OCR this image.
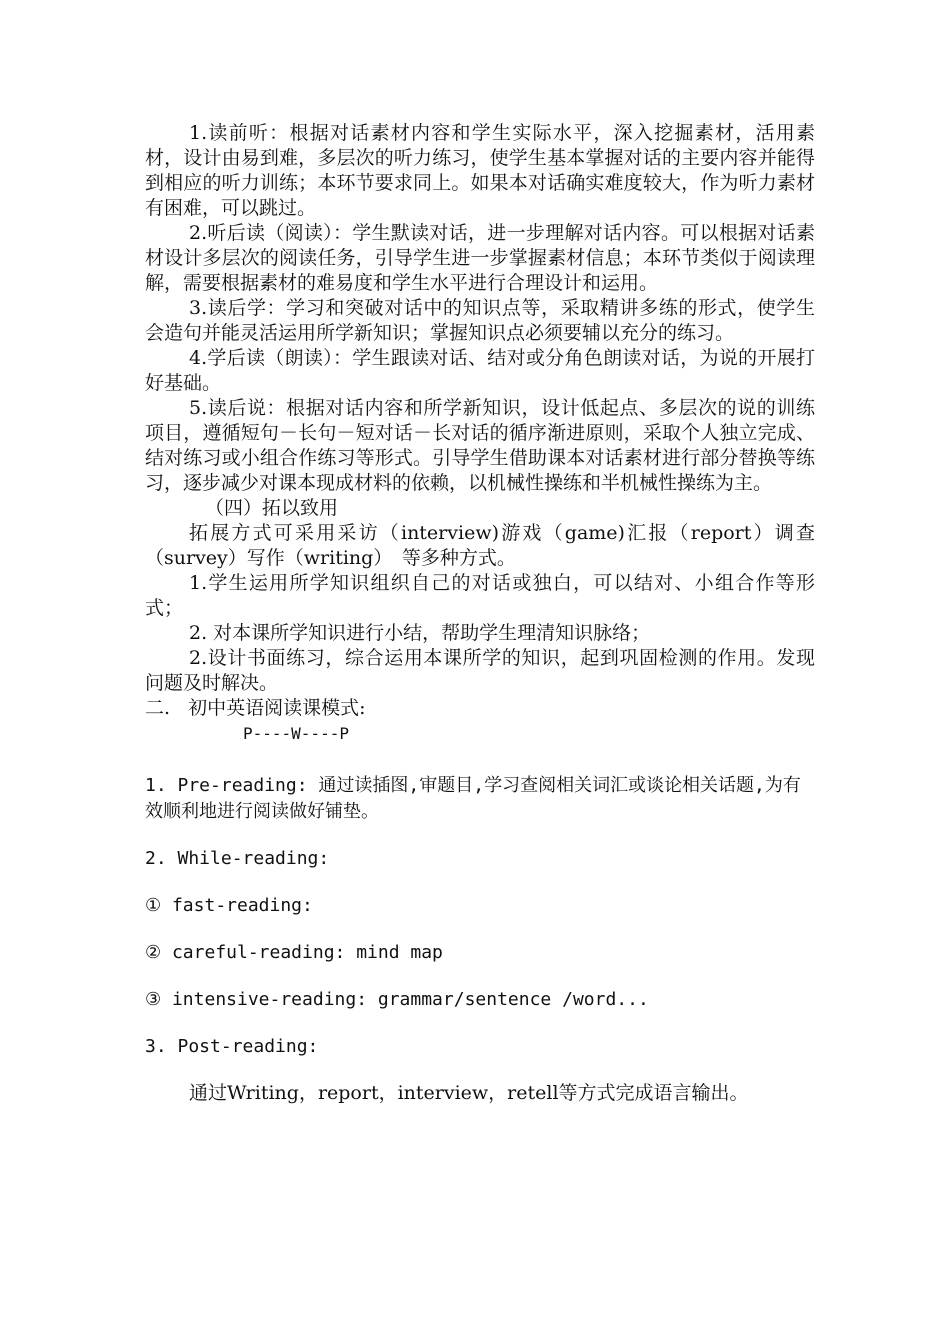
1.读前听：根据对话素材内容和学生实际水平，深入挖掘素材，活用素材，设计由易到难，多层次的听力练习，使学生基本掌握对话的主要内容并能得到相应的听力训练；本环节要求同上。如果本对话确实难度较大，作为听力素材有困难，可以跳过。

2.听后读（阅读）：学生默读对话，进一步理解对话内容。可以根据对话素材设计多层次的阅读任务，引导学生进一步掌握素材信息；本环节类似于阅读理解，需要根据素材的难易度和学生水平进行合理设计和运用。

3.读后学：学习和突破对话中的知识点等，采取精讲多练的形式，使学生会造句并能灵活运用所学新知识；掌握知识点必须要辅以充分的练习。

4.学后读（朗读）：学生跟读对话、结对或分角色朗读对话，为说的开展打好基础。

5.读后说：根据对话内容和所学新知识，设计低起点、多层次的说的训练项目，遵循短句－长句－短对话－长对话的循序渐进原则，采取个人独立完成、结对练习或小组合作练习等形式。引导学生借助课本对话素材进行部分替换等练习，逐步减少对课本现成材料的依赖，以机械性操练和半机械性操练为主。

（四）拓以致用

拓展方式可采用采访（interview)游戏（game)汇报（report）调查（survey）写作（writing）　等多种方式。

1.学生运用所学知识组织自己的对话或独白，可以结对、小组合作等形式；

2. 对本课所学知识进行小结，帮助学生理清知识脉络；

2.设计书面练习，综合运用本课所学的知识，起到巩固检测的作用。发现问题及时解决。

二.   初中英语阅读课模式:

P----W----P

1. Pre-reading: 通过读插图,审题目,学习查阅相关词汇或谈论相关话题,为有效顺利地进行阅读做好铺垫。

2. While-reading:

① fast-reading:

② careful-reading: mind map

③ intensive-reading: grammar/sentence /word...

3. Post-reading:

通过Writing，report，interview，retell等方式完成语言输出。
